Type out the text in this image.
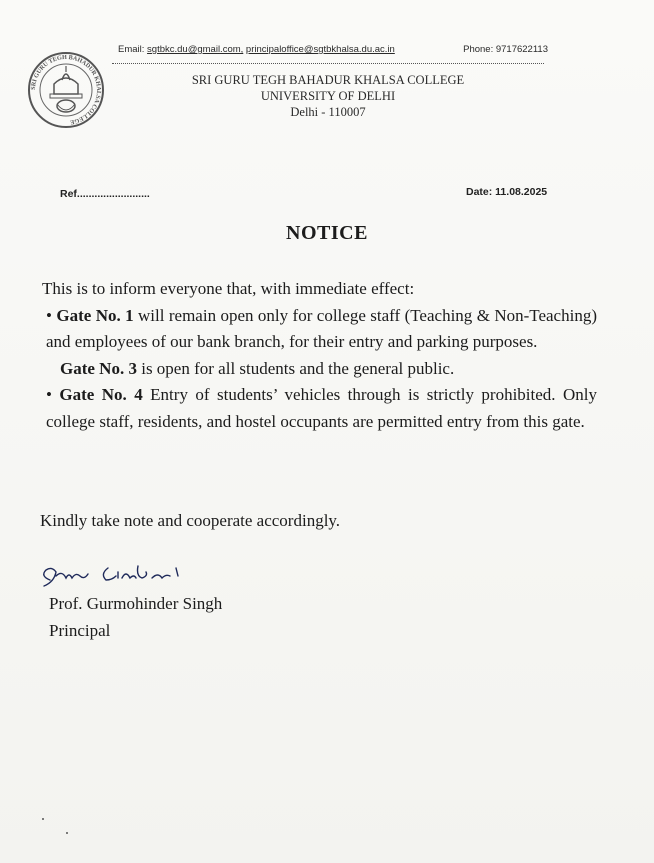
SRI GURU TEGH BAHADUR KHALSA COLLEGE
Email: sgtbkc.du@gmail.com, principaloffice@sgtbkhalsa.du.ac.in	Phone: 9717622113
SRI GURU TEGH BAHADUR KHALSA COLLEGE
UNIVERSITY OF DELHI
Delhi - 110007
Ref.........................	Date: 11.08.2025
NOTICE

This is to inform everyone that, with immediate effect:

• Gate No. 1 will remain open only for college staff (Teaching & Non-Teaching) and employees of our bank branch, for their entry and parking purposes.

Gate No. 3 is open for all students and the general public.

• Gate No. 4 Entry of students’ vehicles through is strictly prohibited. Only college staff, residents, and hostel occupants are permitted entry from this gate.

Kindly take note and cooperate accordingly.
Prof. Gurmohinder Singh
Principal
